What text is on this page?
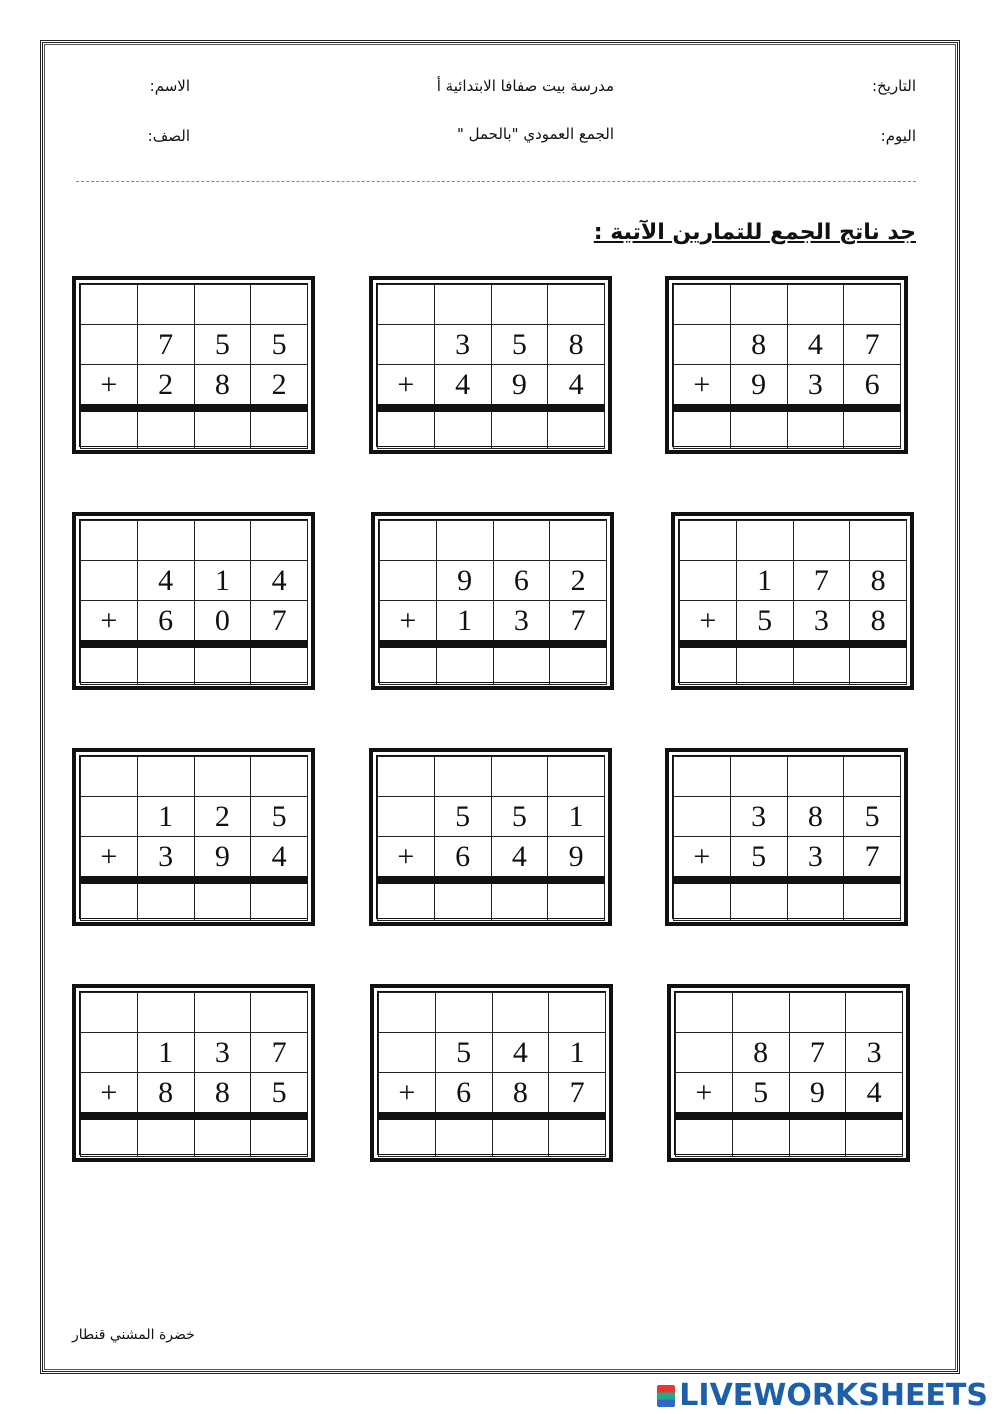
التاريخ:
اليوم:
مدرسة بيت صفافا الابتدائية أ
الجمع العمودي "بالحمل "
الاسم:
الصف:
جد ناتج الجمع للتمارين الآتية :

	7	5	5
+	2	8	2

	3	5	8
+	4	9	4

	8	4	7
+	9	3	6

	4	1	4
+	6	0	7

	9	6	2
+	1	3	7

	1	7	8
+	5	3	8

	1	2	5
+	3	9	4

	5	5	1
+	6	4	9

	3	8	5
+	5	3	7

	1	3	7
+	8	8	5

	5	4	1
+	6	8	7

	8	7	3
+	5	9	4

خضرة المشني قنطار
LIVEWORKSHEETS
